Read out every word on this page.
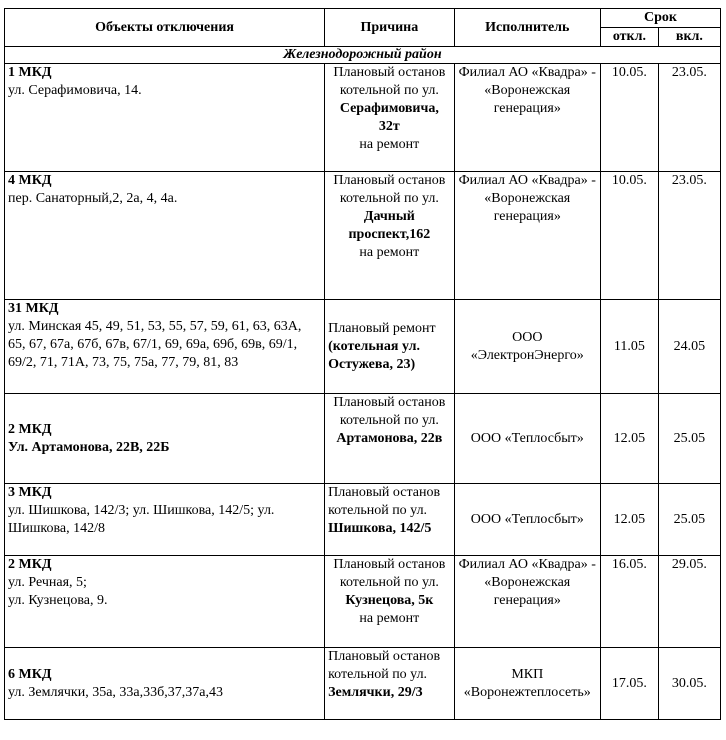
Объекты отключения	Причина	Исполнитель	Срок	
			откл.	вкл.
Железнодорожный район				

1 МКД
ул. Серафимовича, 14.	Плановый останов котельной по ул.
Серафимовича, 32т
на ремонт	Филиал АО «Квадра» - «Воронежская генерация»	10.05.	23.05.

4 МКД
пер. Санаторный,2, 2а, 4, 4а.	Плановый останов котельной по ул.
Дачный проспект,162
на ремонт	Филиал АО «Квадра» - «Воронежская генерация»	10.05.	23.05.

31 МКД
ул. Минская 45, 49, 51, 53, 55, 57, 59, 61, 63, 63А, 65, 67, 67а, 67б, 67в, 67/1, 69, 69а, 69б, 69в, 69/1, 69/2, 71, 71А, 73, 75, 75а, 77, 79, 81, 83	Плановый ремонт
(котельная ул. Остужева, 23)	ООО «ЭлектронЭнерго»	11.05	24.05

2 МКД
Ул. Артамонова, 22В, 22Б	Плановый останов котельной по ул.
Артамонова, 22в	ООО «Теплосбыт»	12.05	25.05

3 МКД
ул. Шишкова, 142/3; ул. Шишкова, 142/5; ул. Шишкова, 142/8	Плановый останов котельной по ул. Шишкова, 142/5	ООО «Теплосбыт»	12.05	25.05

2 МКД
ул. Речная, 5;
ул. Кузнецова, 9.	Плановый останов котельной по ул.
Кузнецова, 5к
на ремонт	Филиал АО «Квадра» - «Воронежская генерация»	16.05.	29.05.

6 МКД
ул. Землячки, 35а, 33а,33б,37,37а,43	Плановый останов котельной по ул. Землячки, 29/3	МКП «Воронежтеплосеть»	17.05.	30.05.
